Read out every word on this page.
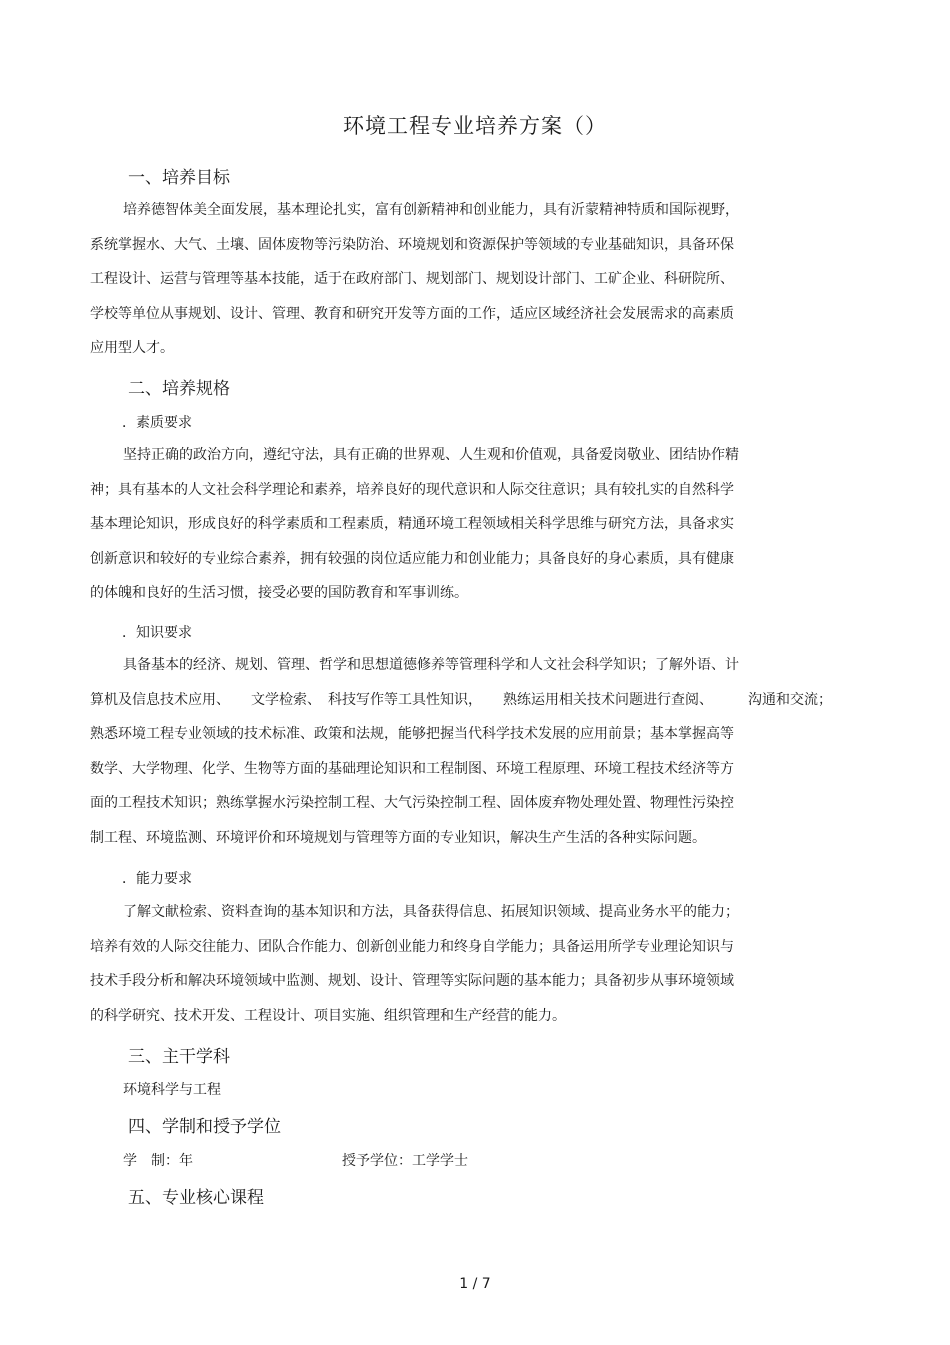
环境工程专业培养方案（）
一、培养目标
培养德智体美全面发展，基本理论扎实，富有创新精神和创业能力，具有沂蒙精神特质和国际视野，
系统掌握水、大气、土壤、固体废物等污染防治、环境规划和资源保护等领域的专业基础知识，具备环保
工程设计、运营与管理等基本技能，适于在政府部门、规划部门、规划设计部门、工矿企业、科研院所、
学校等单位从事规划、设计、管理、教育和研究开发等方面的工作，适应区域经济社会发展需求的高素质
应用型人才。
二、培养规格
．素质要求
坚持正确的政治方向，遵纪守法，具有正确的世界观、人生观和价值观，具备爱岗敬业、团结协作精
神；具有基本的人文社会科学理论和素养，培养良好的现代意识和人际交往意识；具有较扎实的自然科学
基本理论知识，形成良好的科学素质和工程素质，精通环境工程领域相关科学思维与研究方法，具备求实
创新意识和较好的专业综合素养，拥有较强的岗位适应能力和创业能力；具备良好的身心素质，具有健康
的体魄和良好的生活习惯，接受必要的国防教育和军事训练。
．知识要求
具备基本的经济、规划、管理、哲学和思想道德修养等管理科学和人文社会科学知识；了解外语、计
算机及信息技术应用、　　文学检索、　科技写作等工具性知识，　　熟练运用相关技术问题进行查阅、　　　沟通和交流；
熟悉环境工程专业领域的技术标准、政策和法规，能够把握当代科学技术发展的应用前景；基本掌握高等
数学、大学物理、化学、生物等方面的基础理论知识和工程制图、环境工程原理、环境工程技术经济等方
面的工程技术知识；熟练掌握水污染控制工程、大气污染控制工程、固体废弃物处理处置、物理性污染控
制工程、环境监测、环境评价和环境规划与管理等方面的专业知识，解决生产生活的各种实际问题。
．能力要求
了解文献检索、资料查询的基本知识和方法，具备获得信息、拓展知识领域、提高业务水平的能力；
培养有效的人际交往能力、团队合作能力、创新创业能力和终身自学能力；具备运用所学专业理论知识与
技术手段分析和解决环境领域中监测、规划、设计、管理等实际问题的基本能力；具备初步从事环境领域
的科学研究、技术开发、工程设计、项目实施、组织管理和生产经营的能力。
三、主干学科
环境科学与工程
四、学制和授予学位
学　制：年	授予学位：工学学士
五、专业核心课程
1 / 7
